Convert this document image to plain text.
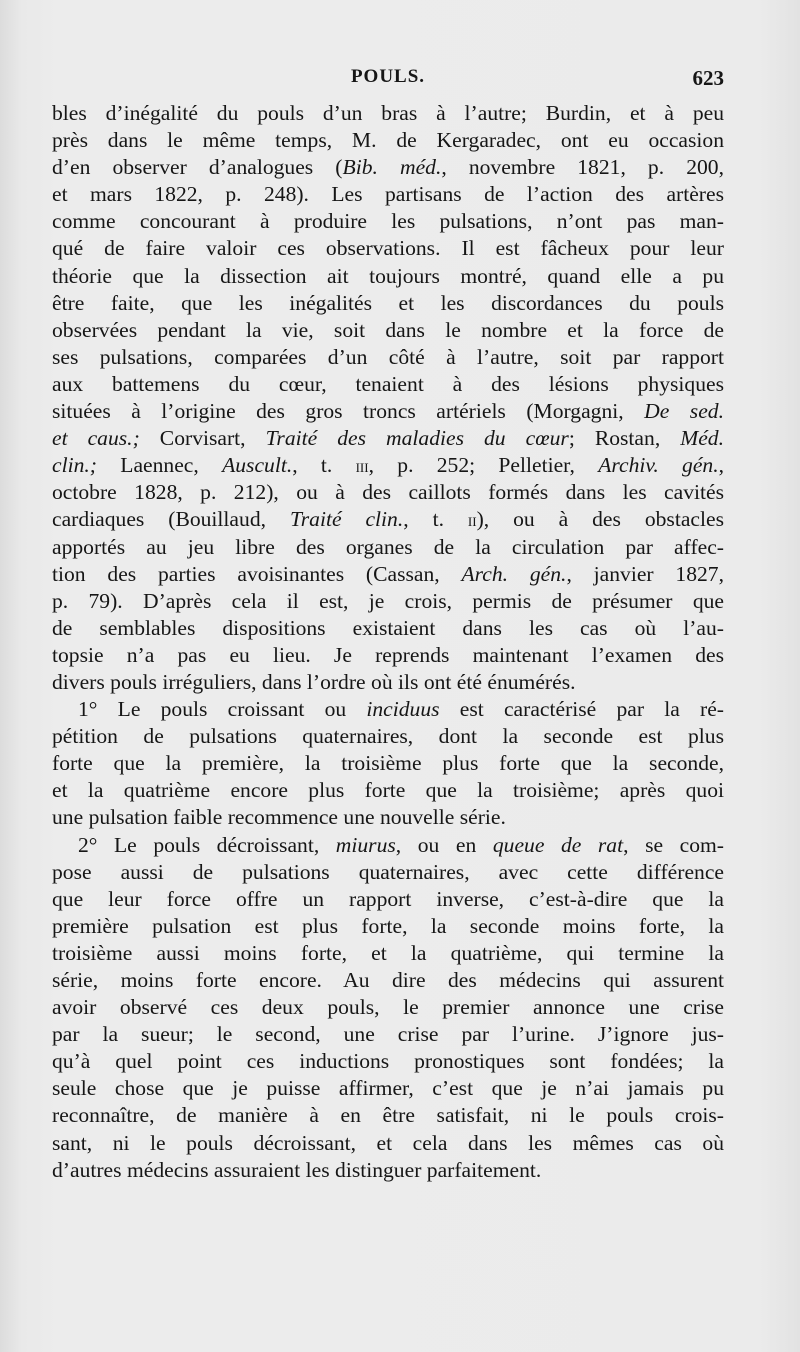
POULS.	623
bles d’inégalité du pouls d’un bras à l’autre; Burdin, et à peu
près dans le même temps, M. de Kergaradec, ont eu occasion
d’en observer d’analogues (Bib. méd., novembre 1821, p. 200,
et mars 1822, p. 248). Les partisans de l’action des artères
comme concourant à produire les pulsations, n’ont pas man-
qué de faire valoir ces observations. Il est fâcheux pour leur
théorie que la dissection ait toujours montré, quand elle a pu
être faite, que les inégalités et les discordances du pouls
observées pendant la vie, soit dans le nombre et la force de
ses pulsations, comparées d’un côté à l’autre, soit par rapport
aux battemens du cœur, tenaient à des lésions physiques
situées à l’origine des gros troncs artériels (Morgagni, De sed.
et caus.; Corvisart, Traité des maladies du cœur; Rostan, Méd.
clin.; Laennec, Auscult., t. iii, p. 252; Pelletier, Archiv. gén.,
octobre 1828, p. 212), ou à des caillots formés dans les cavités
cardiaques (Bouillaud, Traité clin., t. ii), ou à des obstacles
apportés au jeu libre des organes de la circulation par affec-
tion des parties avoisinantes (Cassan, Arch. gén., janvier 1827,
p. 79). D’après cela il est, je crois, permis de présumer que
de semblables dispositions existaient dans les cas où l’au-
topsie n’a pas eu lieu. Je reprends maintenant l’examen des
divers pouls irréguliers, dans l’ordre où ils ont été énumérés.
1° Le pouls croissant ou inciduus est caractérisé par la ré-
pétition de pulsations quaternaires, dont la seconde est plus
forte que la première, la troisième plus forte que la seconde,
et la quatrième encore plus forte que la troisième; après quoi
une pulsation faible recommence une nouvelle série.
2° Le pouls décroissant, miurus, ou en queue de rat, se com-
pose aussi de pulsations quaternaires, avec cette différence
que leur force offre un rapport inverse, c’est-à-dire que la
première pulsation est plus forte, la seconde moins forte, la
troisième aussi moins forte, et la quatrième, qui termine la
série, moins forte encore. Au dire des médecins qui assurent
avoir observé ces deux pouls, le premier annonce une crise
par la sueur; le second, une crise par l’urine. J’ignore jus-
qu’à quel point ces inductions pronostiques sont fondées; la
seule chose que je puisse affirmer, c’est que je n’ai jamais pu
reconnaître, de manière à en être satisfait, ni le pouls crois-
sant, ni le pouls décroissant, et cela dans les mêmes cas où
d’autres médecins assuraient les distinguer parfaitement.
